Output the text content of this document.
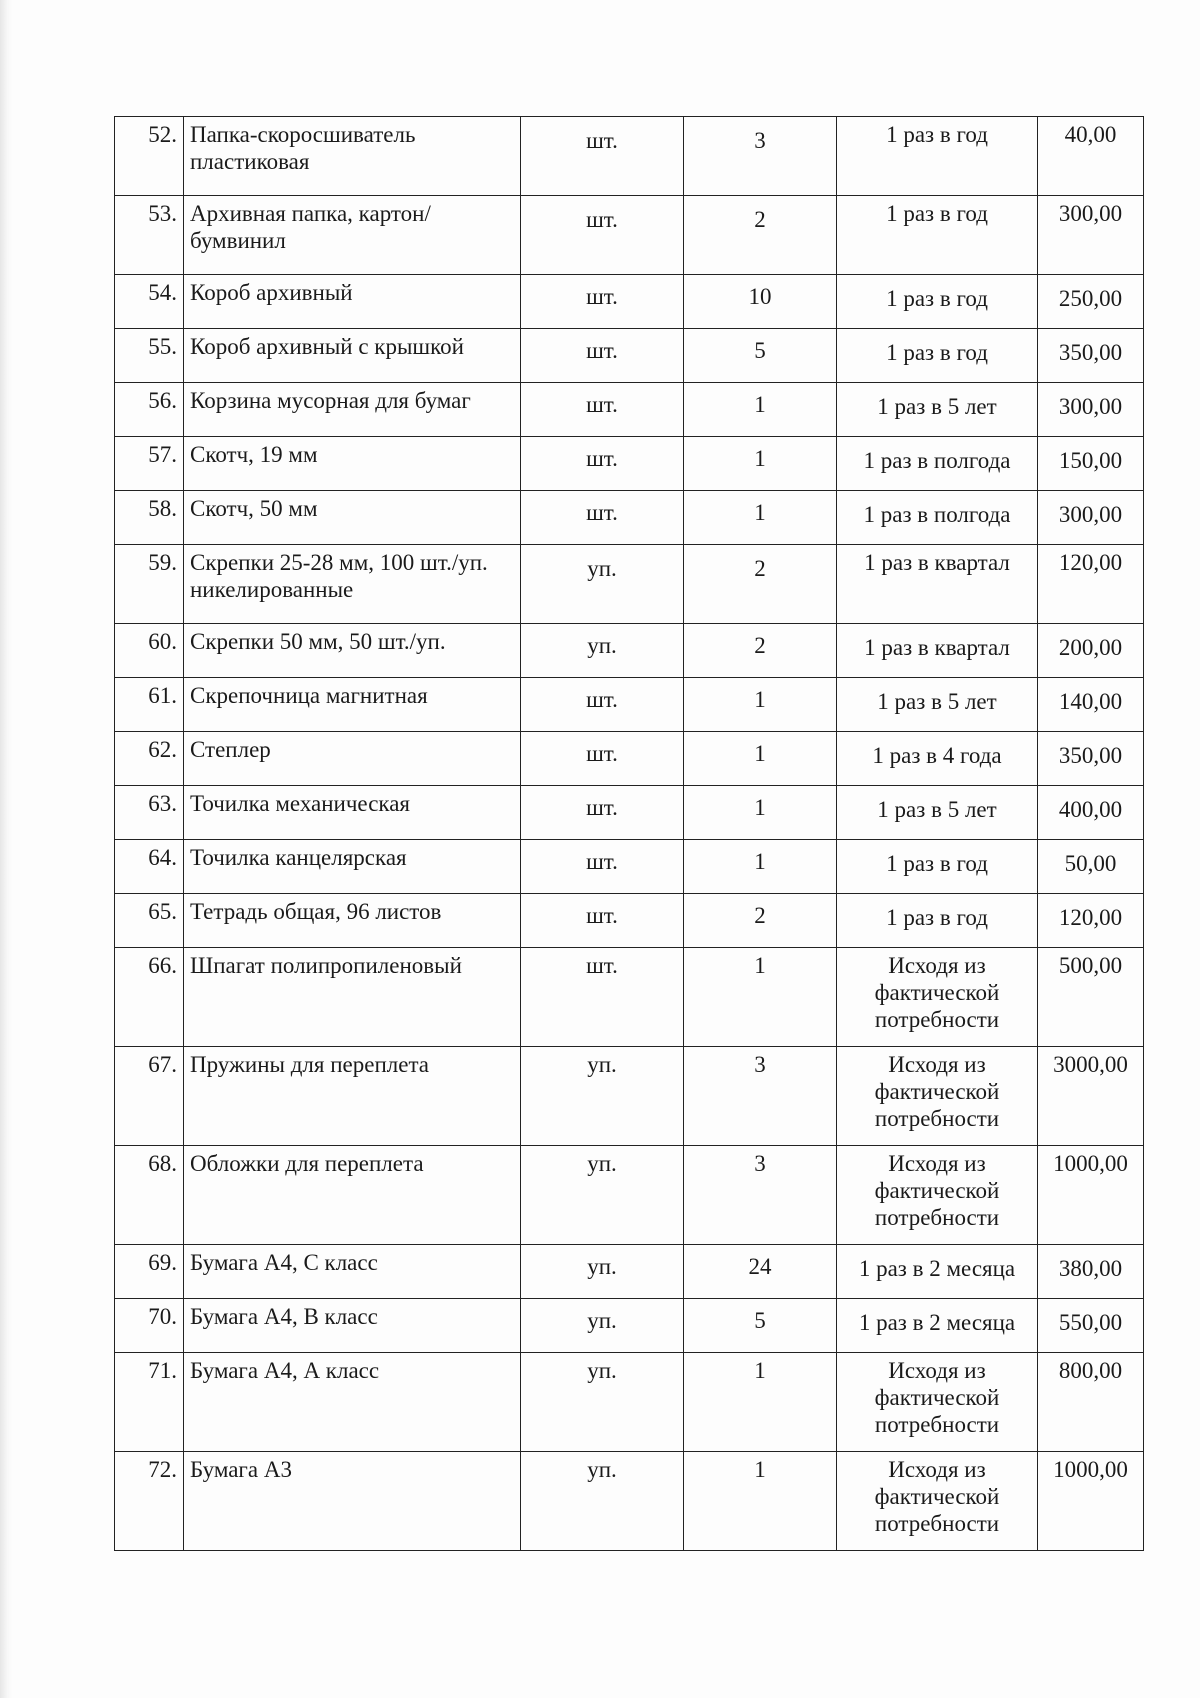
52.	Папка-скоросшиватель пластиковая	шт.	3	1 раз в год	40,00
53.	Архивная папка, картон/бумвинил	шт.	2	1 раз в год	300,00
54.	Короб архивный	шт.	10	1 раз в год	250,00
55.	Короб архивный с крышкой	шт.	5	1 раз в год	350,00
56.	Корзина мусорная для бумаг	шт.	1	1 раз в 5 лет	300,00
57.	Скотч, 19 мм	шт.	1	1 раз в полгода	150,00
58.	Скотч, 50 мм	шт.	1	1 раз в полгода	300,00
59.	Скрепки 25-28 мм, 100 шт./уп. никелированные	уп.	2	1 раз в квартал	120,00
60.	Скрепки 50 мм, 50 шт./уп.	уп.	2	1 раз в квартал	200,00
61.	Скрепочница магнитная	шт.	1	1 раз в 5 лет	140,00
62.	Степлер	шт.	1	1 раз в 4 года	350,00
63.	Точилка механическая	шт.	1	1 раз в 5 лет	400,00
64.	Точилка канцелярская	шт.	1	1 раз в год	50,00
65.	Тетрадь общая, 96 листов	шт.	2	1 раз в год	120,00
66.	Шпагат полипропиленовый	шт.	1	Исходя из фактической потребности	500,00
67.	Пружины для переплета	уп.	3	Исходя из фактической потребности	3000,00
68.	Обложки для переплета	уп.	3	Исходя из фактической потребности	1000,00
69.	Бумага А4, С класс	уп.	24	1 раз в 2 месяца	380,00
70.	Бумага А4, В класс	уп.	5	1 раз в 2 месяца	550,00
71.	Бумага А4, А класс	уп.	1	Исходя из фактической потребности	800,00
72.	Бумага А3	уп.	1	Исходя из фактической потребности	1000,00
